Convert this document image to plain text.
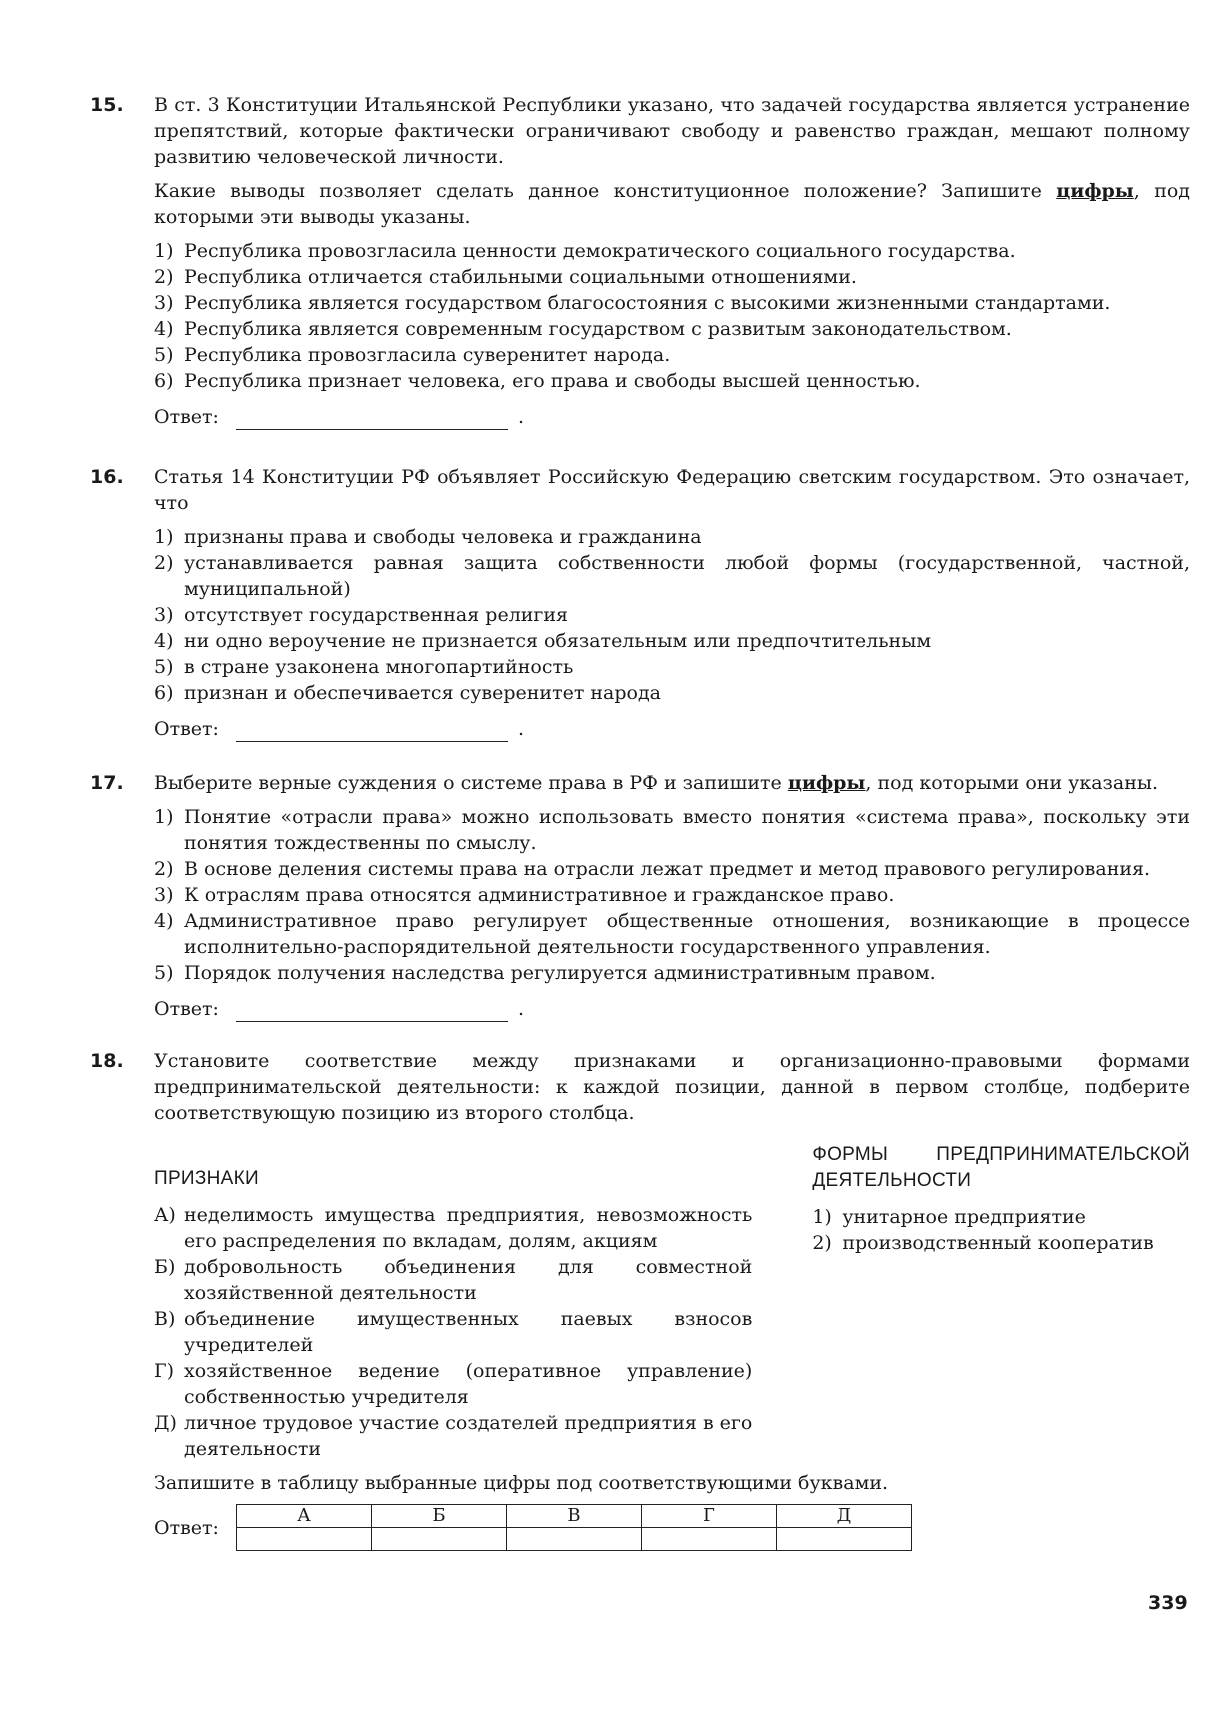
15. В ст. 3 Конституции Итальянской Республики указано, что задачей государства является устранение препятствий, которые фактически ограничивают свободу и равенство граждан, мешают полному развитию человеческой личности.

Какие выводы позволяет сделать данное конституционное положение? Запишите цифры, под которыми эти выводы указаны.

1) Республика провозгласила ценности демократического социального государства.
2) Республика отличается стабильными социальными отношениями.
3) Республика является государством благосостояния с высокими жизненными стандартами.
4) Республика является современным государством с развитым законодательством.
5) Республика провозгласила суверенитет народа.
6) Республика признает человека, его права и свободы высшей ценностью.
Ответ:	.
16. Статья 14 Конституции РФ объявляет Российскую Федерацию светским государством. Это означает, что

1) признаны права и свободы человека и гражданина
2) устанавливается равная защита собственности любой формы (государственной, частной, муниципальной)
3) отсутствует государственная религия
4) ни одно вероучение не признается обязательным или предпочтительным
5) в стране узаконена многопартийность
6) признан и обеспечивается суверенитет народа
Ответ:	.
17. Выберите верные суждения о системе права в РФ и запишите цифры, под которыми они указаны.

1) Понятие «отрасли права» можно использовать вместо понятия «система права», поскольку эти понятия тождественны по смыслу.
2) В основе деления системы права на отрасли лежат предмет и метод правового регулирования.
3) К отраслям права относятся административное и гражданское право.
4) Административное право регулирует общественные отношения, возникающие в процессе исполнительно-распорядительной деятельности государственного управления.
5) Порядок получения наследства регулируется административным правом.
Ответ:	.
18. Установите соответствие между признаками и организационно-правовыми формами предпринимательской деятельности: к каждой позиции, данной в первом столбце, подберите соответствующую позицию из второго столбца.

ПРИЗНАКИ
А) неделимость имущества предприятия, невозможность его распределения по вкладам, долям, акциям
Б) добровольность объединения для совместной хозяйственной деятельности
В) объединение имущественных паевых взносов учредителей
Г) хозяйственное ведение (оперативное управление) собственностью учредителя
Д) личное трудовое участие создателей предприятия в его деятельности
ФОРМЫ ПРЕДПРИНИМАТЕЛЬСКОЙ ДЕЯТЕЛЬНОСТИ
1) унитарное предприятие
2) производственный кооператив

Запишите в таблицу выбранные цифры под соответствующими буквами.

Ответ:
А	Б	В	Г	Д

339
